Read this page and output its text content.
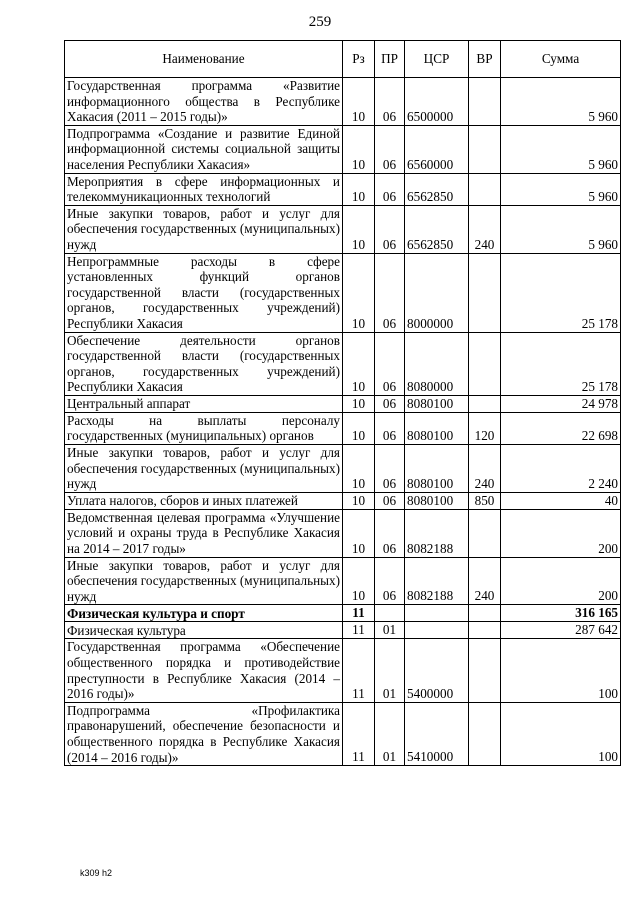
259
Наименование	Рз	ПР	ЦСР	ВР	Сумма
Государственная программа «Развитие информационного общества в Республике Хакасия (2011 – 2015 годы)»	10	06	6500000		5 960
Подпрограмма «Создание и развитие Единой информационной системы социальной защиты населения Республики Хакасия»	10	06	6560000		5 960
Мероприятия в сфере информационных и телекоммуникационных технологий	10	06	6562850		5 960
Иные закупки товаров, работ и услуг для обеспечения государственных (муниципальных) нужд	10	06	6562850	240	5 960
Непрограммные расходы в сфере установленных функций органов государственной власти (государственных органов, государственных учреждений) Республики Хакасия	10	06	8000000		25 178
Обеспечение деятельности органов государственной власти (государственных органов, государственных учреждений) Республики Хакасия	10	06	8080000		25 178
Центральный аппарат	10	06	8080100		24 978
Расходы на выплаты персоналу государственных (муниципальных) органов	10	06	8080100	120	22 698
Иные закупки товаров, работ и услуг для обеспечения государственных (муниципальных) нужд	10	06	8080100	240	2 240
Уплата налогов, сборов и иных платежей	10	06	8080100	850	40
Ведомственная целевая программа «Улучшение условий и охраны труда в Республике Хакасия на 2014 – 2017 годы»	10	06	8082188		200
Иные закупки товаров, работ и услуг для обеспечения государственных (муниципальных) нужд	10	06	8082188	240	200
Физическая культура и спорт	11				316 165
Физическая культура	11	01			287 642
Государственная программа «Обеспечение общественного порядка и противодействие преступности в Республике Хакасия (2014 – 2016 годы)»	11	01	5400000		100
Подпрограмма «Профилактика правонарушений, обеспечение безопасности и общественного порядка в Республике Хакасия (2014 – 2016 годы)»	11	01	5410000		100
k309 h2
